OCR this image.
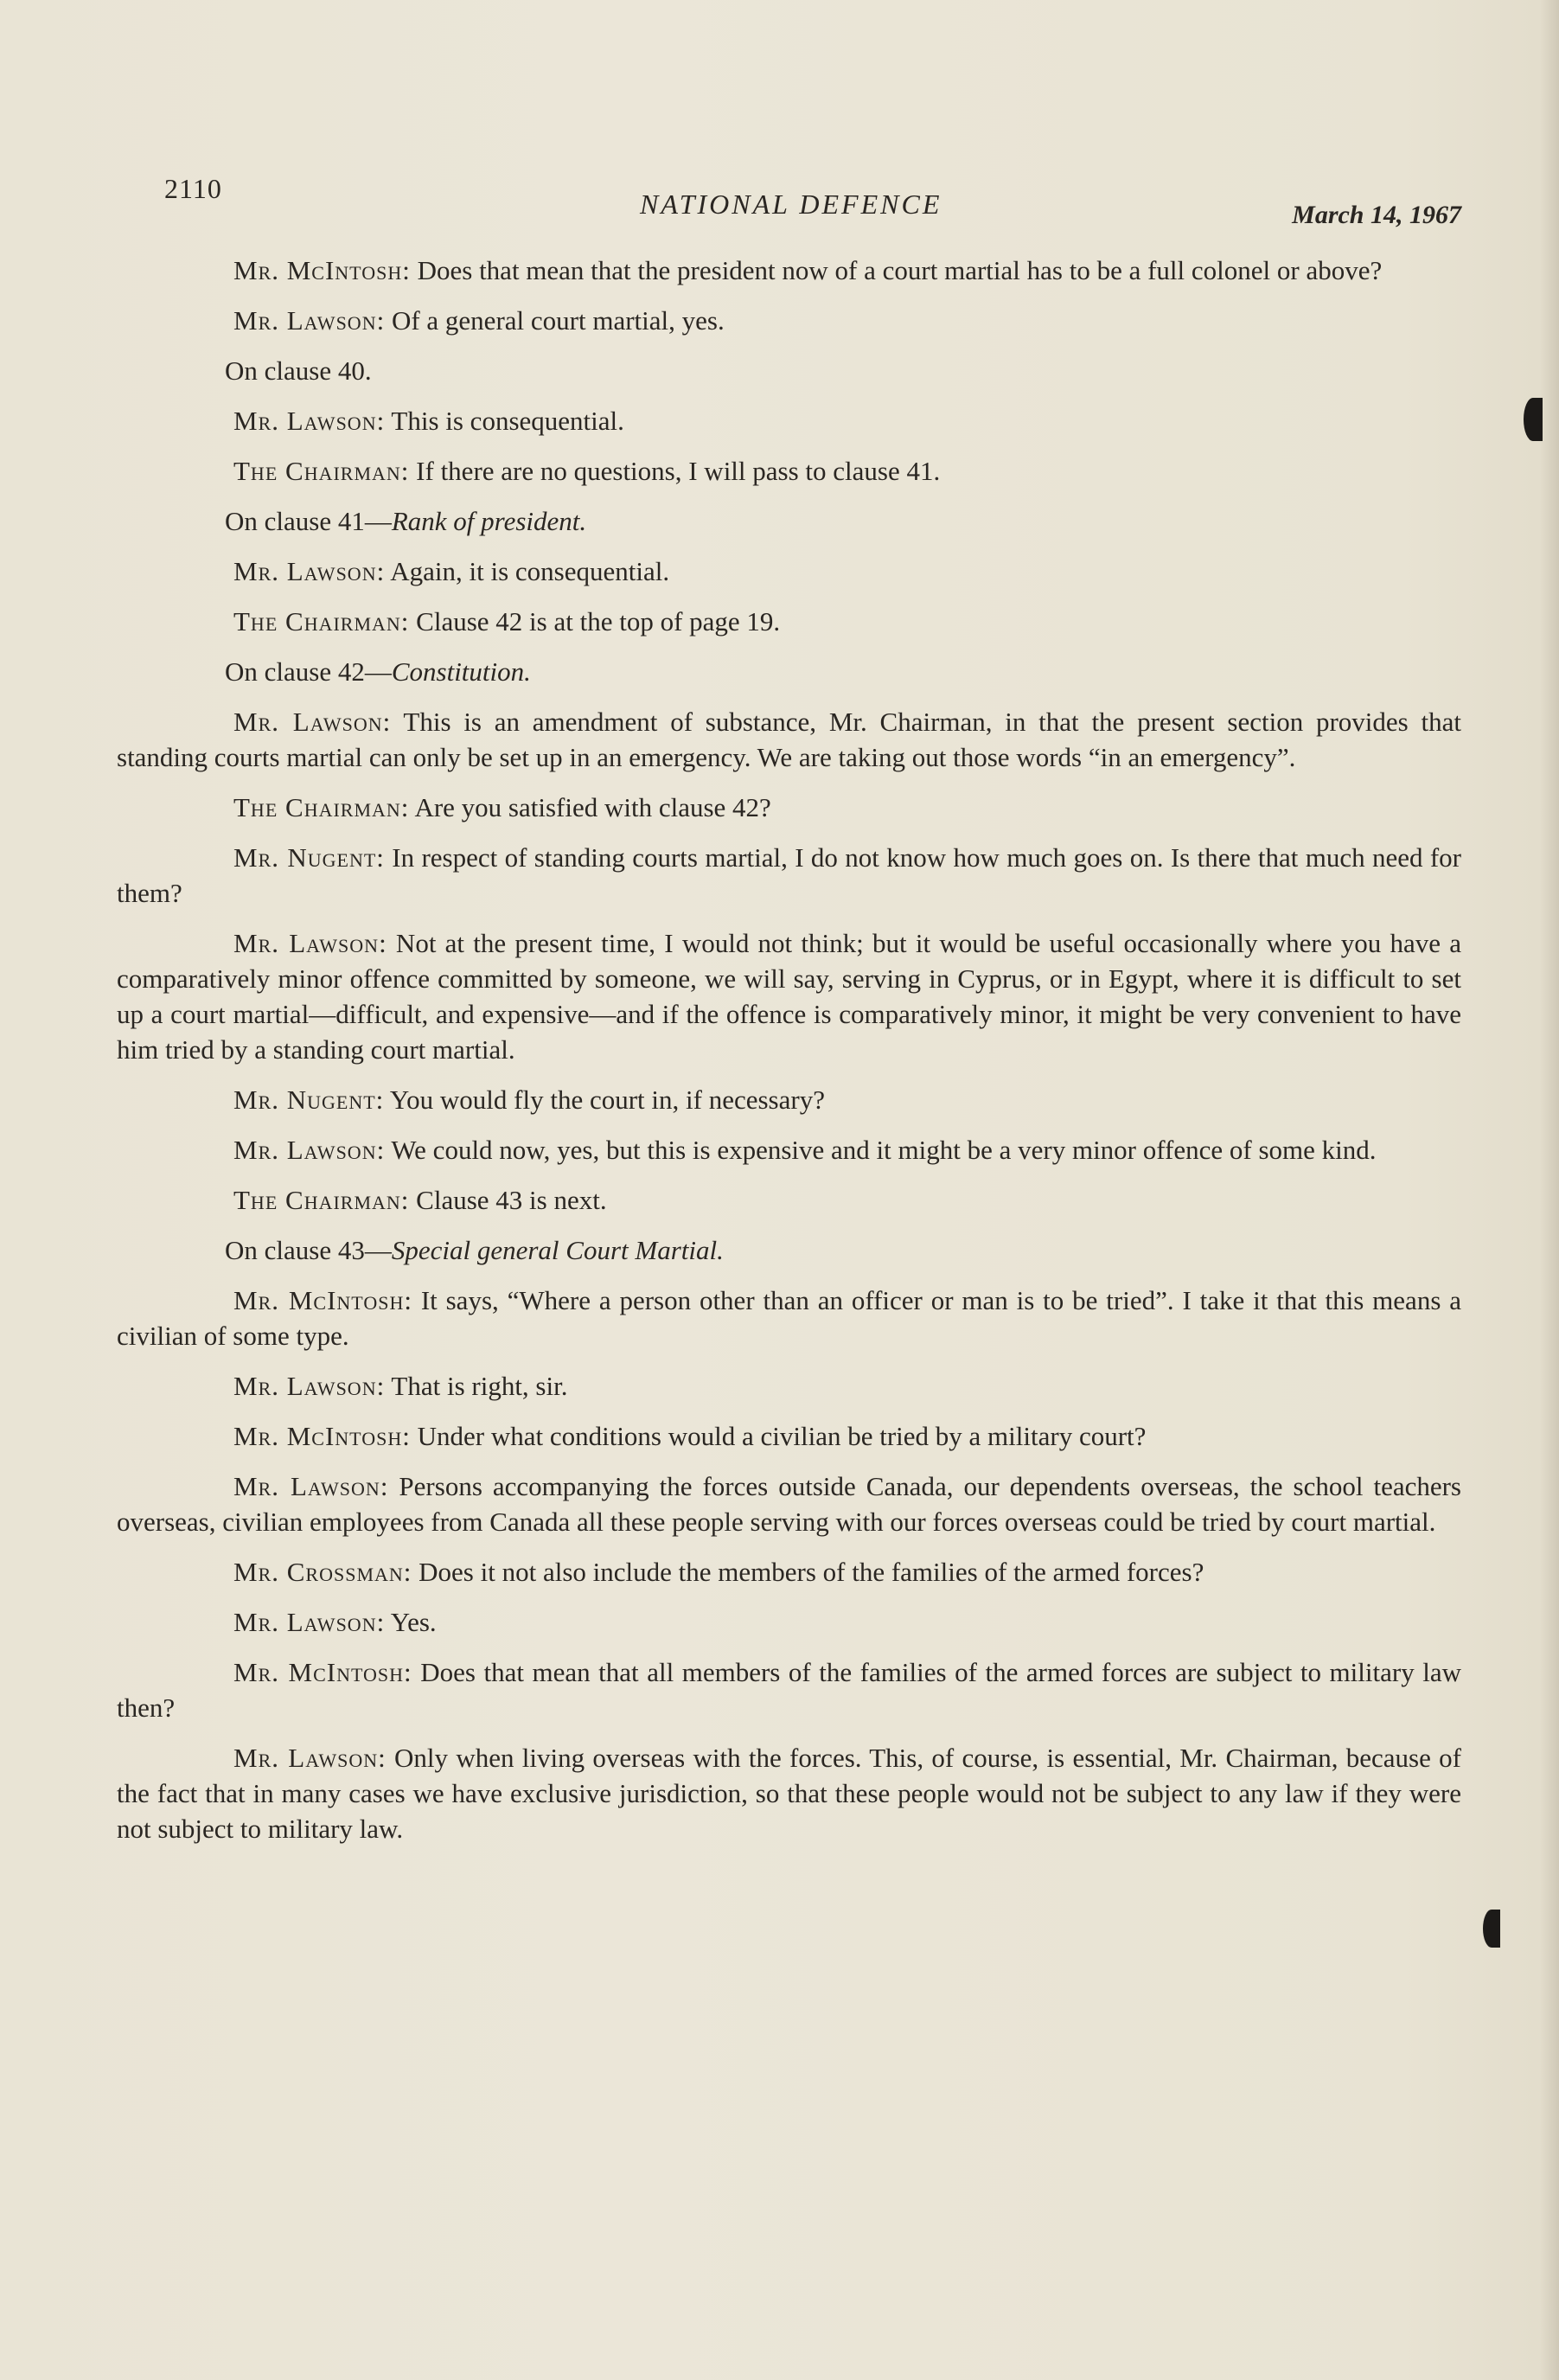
2110	NATIONAL DEFENCE	March 14, 1967

Mr. McIntosh: Does that mean that the president now of a court martial has to be a full colonel or above?

Mr. Lawson: Of a general court martial, yes.

On clause 40.

Mr. Lawson: This is consequential.

The Chairman: If there are no questions, I will pass to clause 41.

On clause 41—Rank of president.

Mr. Lawson: Again, it is consequential.

The Chairman: Clause 42 is at the top of page 19.

On clause 42—Constitution.

Mr. Lawson: This is an amendment of substance, Mr. Chairman, in that the present section provides that standing courts martial can only be set up in an emergency. We are taking out those words “in an emergency”.

The Chairman: Are you satisfied with clause 42?

Mr. Nugent: In respect of standing courts martial, I do not know how much goes on. Is there that much need for them?

Mr. Lawson: Not at the present time, I would not think; but it would be useful occasionally where you have a comparatively minor offence committed by someone, we will say, serving in Cyprus, or in Egypt, where it is difficult to set up a court martial—difficult, and expensive—and if the offence is comparatively minor, it might be very convenient to have him tried by a standing court martial.

Mr. Nugent: You would fly the court in, if necessary?

Mr. Lawson: We could now, yes, but this is expensive and it might be a very minor offence of some kind.

The Chairman: Clause 43 is next.

On clause 43—Special general Court Martial.

Mr. McIntosh: It says, “Where a person other than an officer or man is to be tried”. I take it that this means a civilian of some type.

Mr. Lawson: That is right, sir.

Mr. McIntosh: Under what conditions would a civilian be tried by a military court?

Mr. Lawson: Persons accompanying the forces outside Canada, our dependents overseas, the school teachers overseas, civilian employees from Canada all these people serving with our forces overseas could be tried by court martial.

Mr. Crossman: Does it not also include the members of the families of the armed forces?

Mr. Lawson: Yes.

Mr. McIntosh: Does that mean that all members of the families of the armed forces are subject to military law then?

Mr. Lawson: Only when living overseas with the forces. This, of course, is essential, Mr. Chairman, because of the fact that in many cases we have exclusive jurisdiction, so that these people would not be subject to any law if they were not subject to military law.
